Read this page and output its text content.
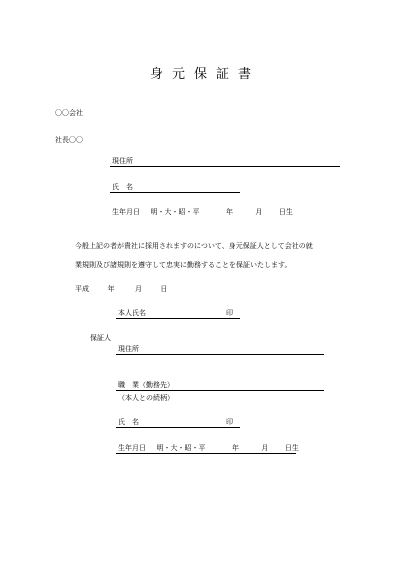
身元保証書
〇〇会社
社長〇〇
現住所
氏　名
生年月日 明・大・昭・平	年	月 日生
今般上記の者が貴社に採用されますのについて、身元保証人として会社の就
業規則及び諸規則を遵守して忠実に勤務することを保証いたします。
平成	年	月	日
本人氏名	印
保証人
現住所
職　業（勤務先）
（本人との続柄）
氏　名	印
生年月日 明・大・昭・平	年	月 日生
